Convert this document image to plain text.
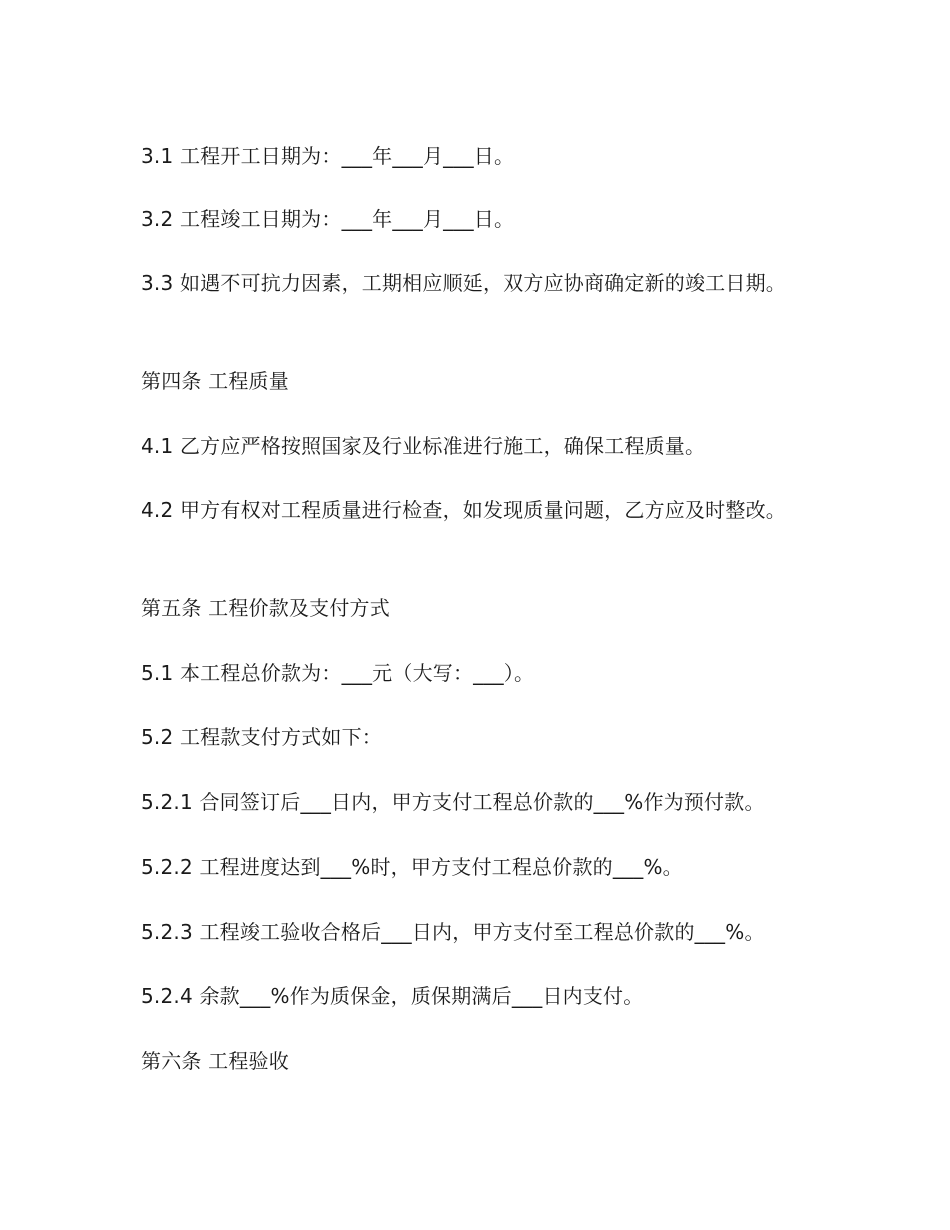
3.1 工程开工日期为：___年___月___日。
3.2 工程竣工日期为：___年___月___日。
3.3 如遇不可抗力因素，工期相应顺延，双方应协商确定新的竣工日期。
第四条 工程质量
4.1 乙方应严格按照国家及行业标准进行施工，确保工程质量。
4.2 甲方有权对工程质量进行检查，如发现质量问题，乙方应及时整改。
第五条 工程价款及支付方式
5.1 本工程总价款为：___元（大写：___）。
5.2 工程款支付方式如下：
5.2.1 合同签订后___日内，甲方支付工程总价款的___%作为预付款。
5.2.2 工程进度达到___%时，甲方支付工程总价款的___%。
5.2.3 工程竣工验收合格后___日内，甲方支付至工程总价款的___%。
5.2.4 余款___%作为质保金，质保期满后___日内支付。
第六条 工程验收
